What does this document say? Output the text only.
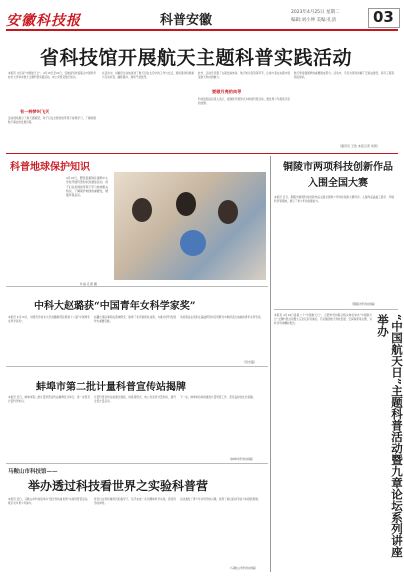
安徽科技报	科普安徽
2023年4月25日 星期二
编辑:刘小坤 美编:孔清 03
省科技馆开展航天主题科普实践活动
本报讯 为庆祝“中国航天日”，4月18日至22日，安徽省科技馆联合中国科学技术大学举办航天主题科普实践活动，向公众普及航天知识。
有一种梦叫飞天
活动现场展示了航天器模型，孩子们在志愿者的带领下参观学习，了解我国航天事业的发展历程。
在活动中，讲解员生动地讲述了航天员在太空中的工作与生活，现场观众积极参与互动问答，踊跃提问，现场气氛热烈。
此外，活动还设置了火箭发射体验、航天知识竞答等环节，让参与者在实践中感受航天科技的魅力。
要做月亮的向导
科技馆相关负责人表示，将继续开展形式多样的科普活动，激发青少年探索宇宙的热情。
航天梦是强国梦的重要组成部分。活动中，专家为观众讲解了空间站建设、探月工程等相关知识。
（通讯员 王欣 本报记者 何周）
科普地球保护知识
4月18日，肥西县蒲荆乡蒲荆中心学校开展科普知识进课堂活动，孩子们在老师的带领下学习地球相关知识，了解保护地球的重要性，增强环保意识。
叶丽 孔燕 摄
中科大赵璐获“中国青年女科学家奖”
本报讯 4月18日，中国科学技术大学赵璐教授获得第十八届“中国青年女科学家奖”。
赵璐长期从事相关领域研究，取得了系列创新性成果，为推动学科发展作出重要贡献。
该奖项旨在表彰在基础研究和应用研究中取得突出成就的青年女科学家。
（吴光磊）
蚌埠市第二批计量科普宣传站揭牌
本报讯 近日，蚌埠市第二批计量科普宣传站揭牌仪式举行，进一步普及计量科学知识。
计量科普宣传站将通过展板、讲座等形式，向公众宣传计量知识，提升全民计量意识。
下一步，蚌埠市将持续推进计量科普工作，营造良好的社会氛围。
（蚌埠市科协供稿）
马鞍山市科技馆——
举办透过科技看世界之实验科普营
本报讯 近日，马鞍山市科技馆举办“透过科技看世界”实验科普营活动，吸引众多青少年参与。
营员们在科技辅导员的指导下，亲手完成一系列趣味科学实验，感受科学的神奇。
活动激发了青少年对科学的兴趣，培养了他们的动手能力和创新思维。
（马鞍山市科协供稿）
铜陵市两项科技创新作品入围全国大赛
本报讯 近日，铜陵市两项科技创新作品入围全国青少年科技创新大赛终评。入围作品涵盖工程学、环境科学等领域，展示了青少年的创新能力。
（铜陵市科协供稿）
本报讯 4月24日是第八个“中国航天日”，合肥市科协联合相关单位举办“中国航天日”主题科普活动暨九章论坛系列讲座。专家围绕航天科技发展、空间探索等主题，为听众带来精彩报告。	“中国航天日”主题科普活动暨九章论坛系列讲座举办
